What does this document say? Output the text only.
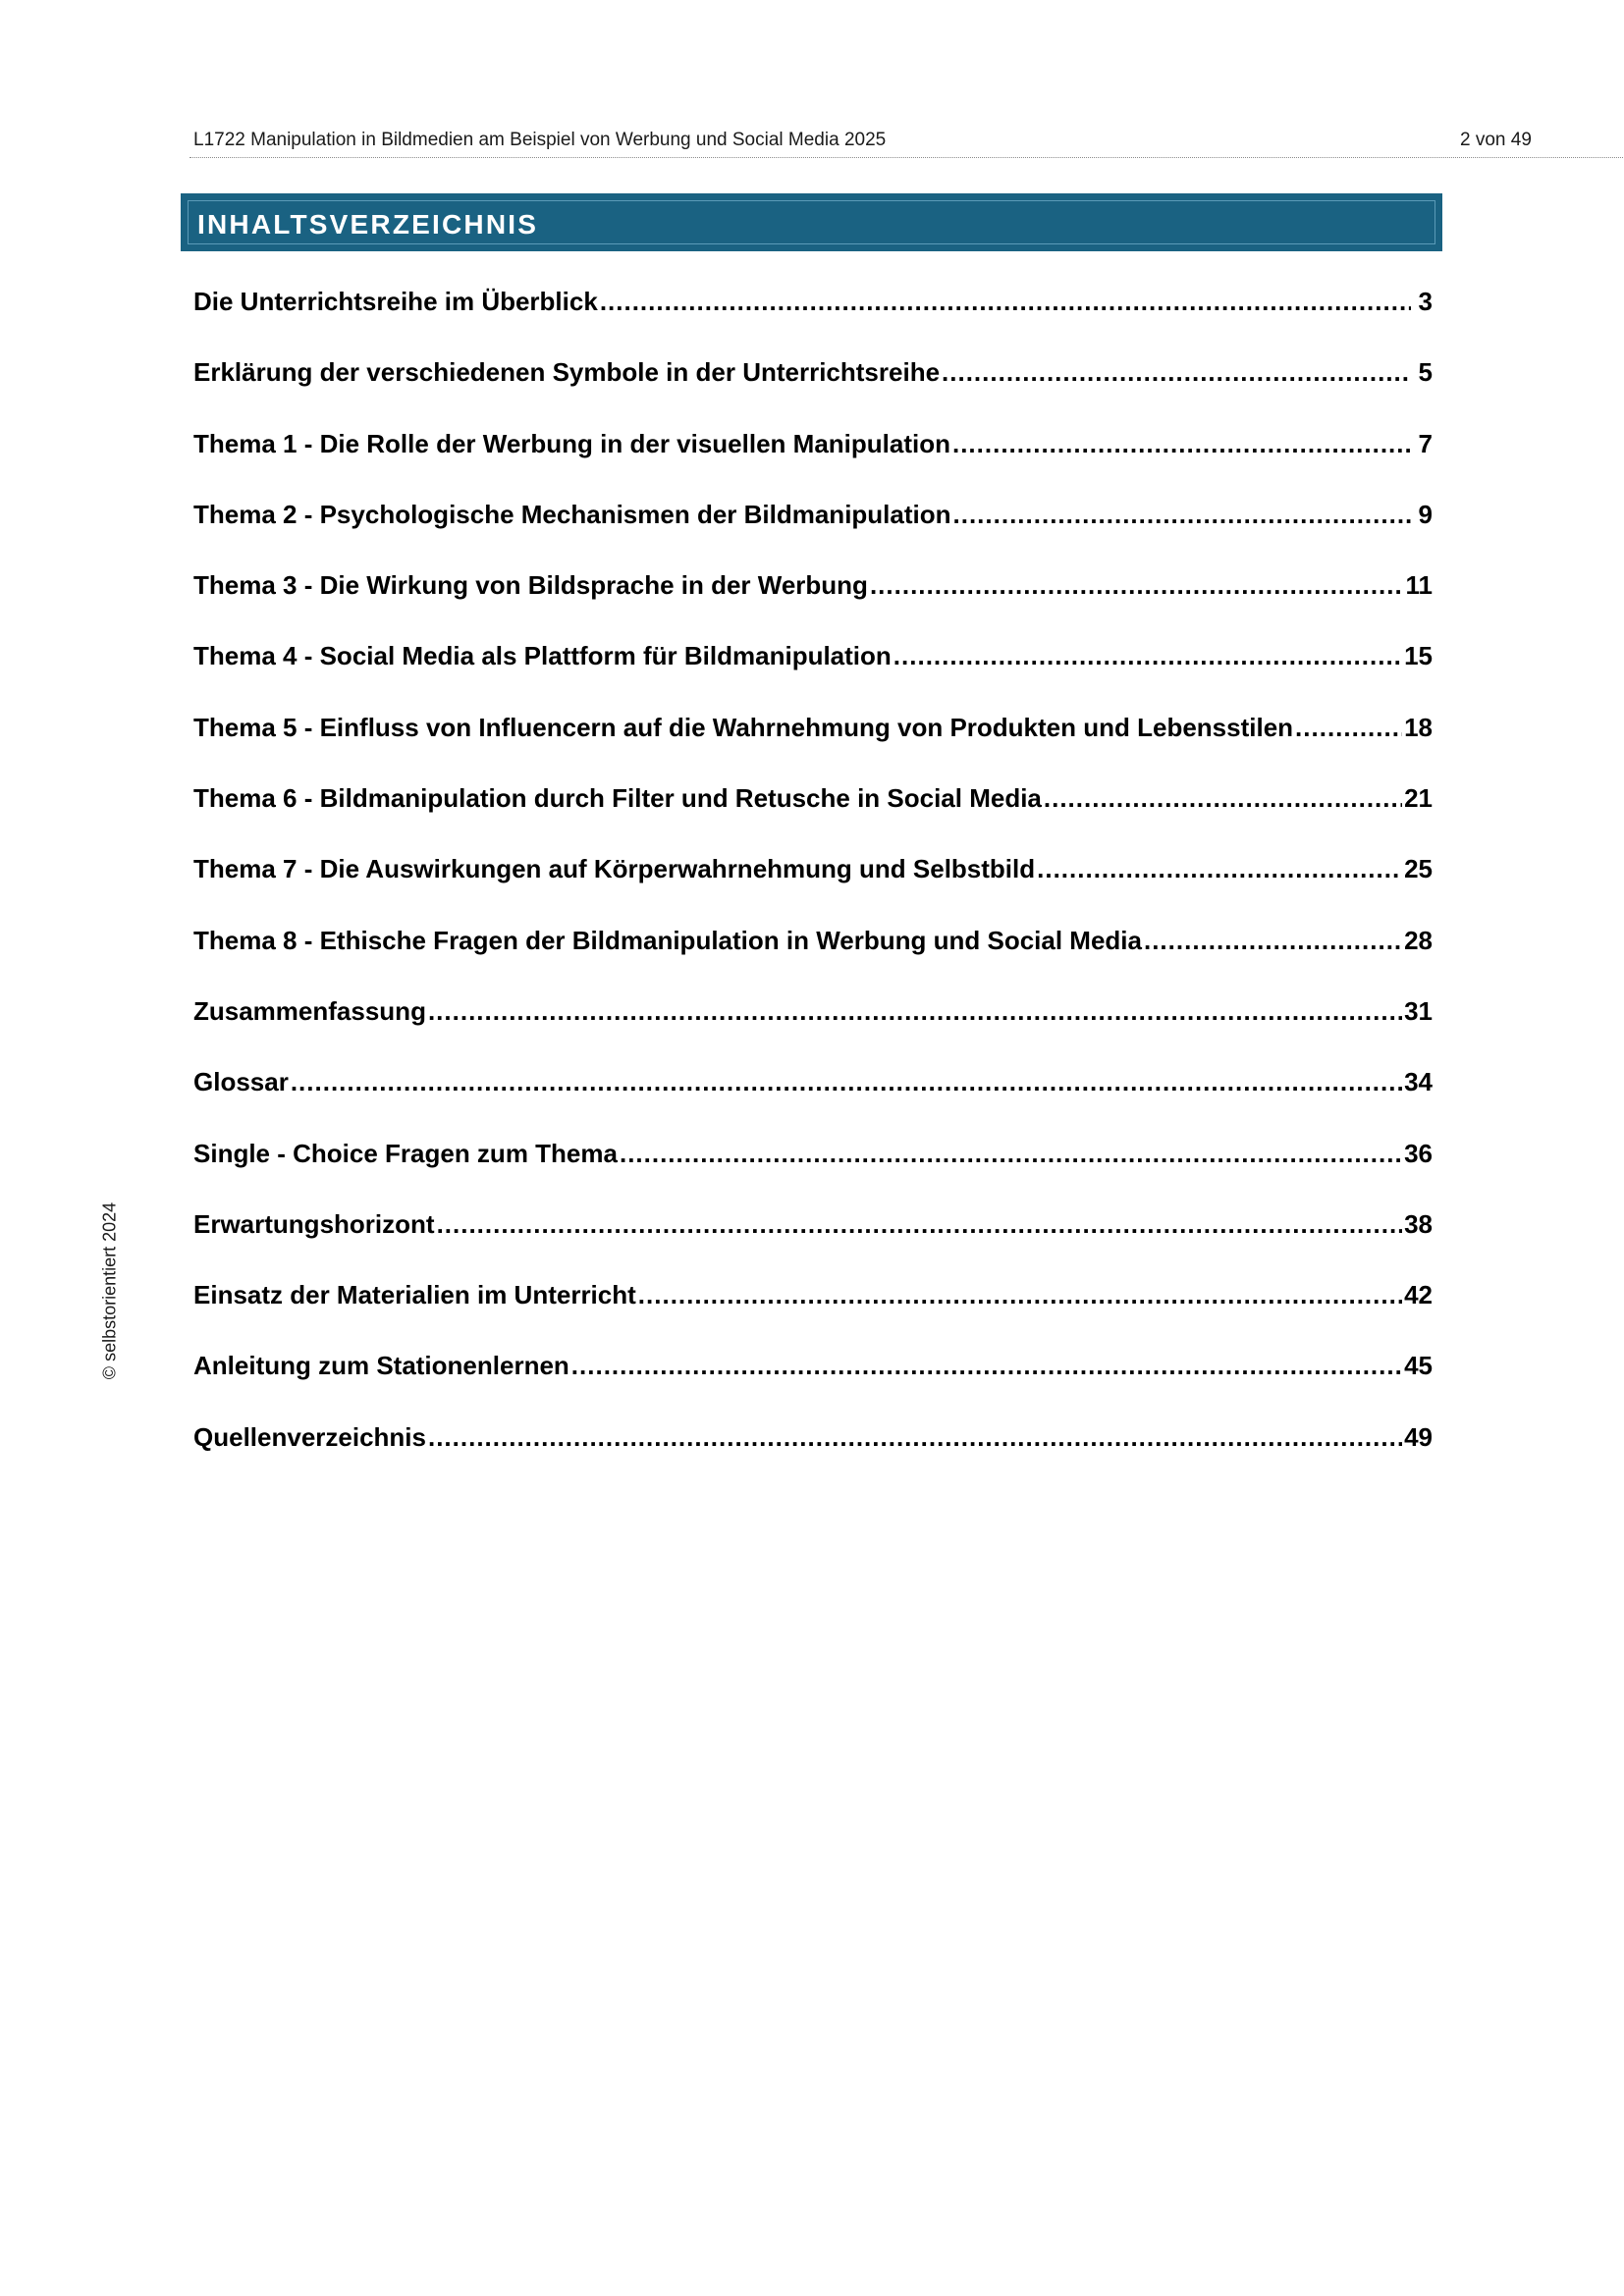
L1722 Manipulation in Bildmedien am Beispiel von Werbung und Social Media 2025	2 von 49
INHALTSVERZEICHNIS
Die Unterrichtsreihe im Überblick .....	3
Erklärung der verschiedenen Symbole in der Unterrichtsreihe .....	5
Thema 1 - Die Rolle der Werbung in der visuellen Manipulation .....	7
Thema 2 - Psychologische Mechanismen der Bildmanipulation .....	9
Thema 3 - Die Wirkung von Bildsprache in der Werbung .....	11
Thema 4 - Social Media als Plattform für Bildmanipulation .....	15
Thema 5 - Einfluss von Influencern auf die Wahrnehmung von Produkten und Lebensstilen .....	18
Thema 6 - Bildmanipulation durch Filter und Retusche in Social Media .....	21
Thema 7 - Die Auswirkungen auf Körperwahrnehmung und Selbstbild .....	25
Thema 8 - Ethische Fragen der Bildmanipulation in Werbung und Social Media .....	28
Zusammenfassung .....	31
Glossar .....	34
Single - Choice Fragen zum Thema .....	36
Erwartungshorizont .....	38
Einsatz der Materialien im Unterricht .....	42
Anleitung zum Stationenlernen .....	45
Quellenverzeichnis .....	49
© selbstorientiert 2024
